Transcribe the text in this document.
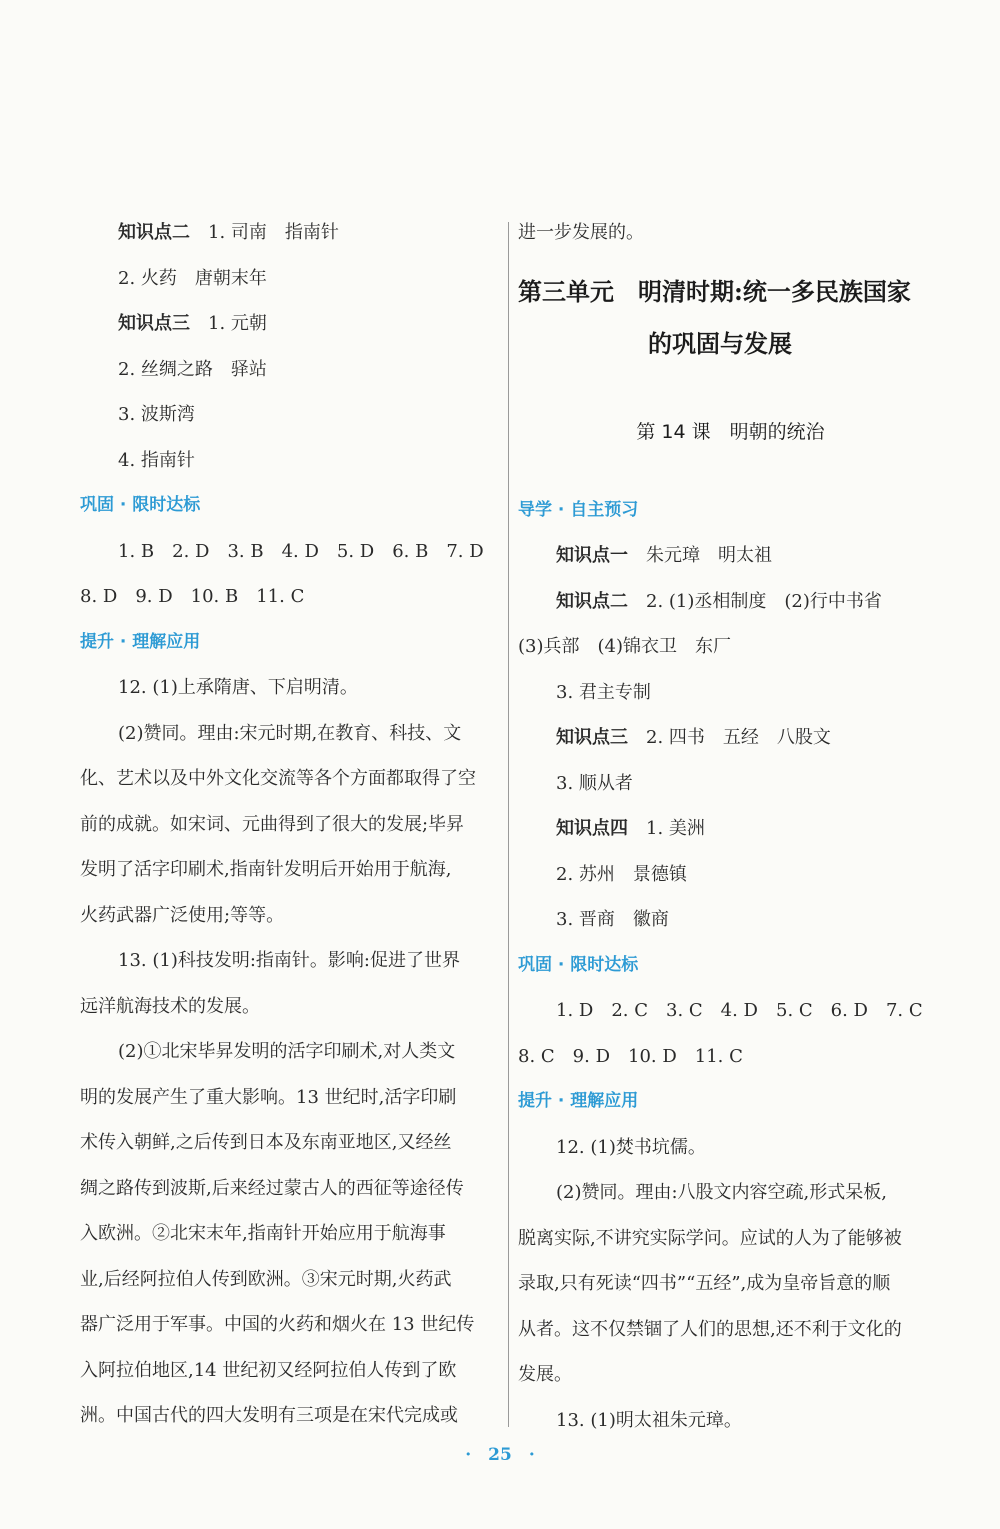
知识点二　 1. 司南　指南针
2. 火药　唐朝末年
知识点三　 1. 元朝
2. 丝绸之路　驿站
3. 波斯湾
4. 指南针
巩固 · 限时达标
1. B　2. D　3. B　4. D　5. D　6. B　7. D
8. D　9. D　10. B　11. C
提升 · 理解应用
12. (1)上承隋唐、下启明清。
(2)赞同。理由:宋元时期,在教育、科技、文
化、艺术以及中外文化交流等各个方面都取得了空
前的成就。如宋词、元曲得到了很大的发展;毕昇
发明了活字印刷术,指南针发明后开始用于航海,
火药武器广泛使用;等等。
13. (1)科技发明:指南针。影响:促进了世界
远洋航海技术的发展。
(2)①北宋毕昇发明的活字印刷术,对人类文
明的发展产生了重大影响。13 世纪时,活字印刷
术传入朝鲜,之后传到日本及东南亚地区,又经丝
绸之路传到波斯,后来经过蒙古人的西征等途径传
入欧洲。②北宋末年,指南针开始应用于航海事
业,后经阿拉伯人传到欧洲。③宋元时期,火药武
器广泛用于军事。中国的火药和烟火在 13 世纪传
入阿拉伯地区,14 世纪初又经阿拉伯人传到了欧
洲。中国古代的四大发明有三项是在宋代完成或
进一步发展的。
第三单元　明清时期:统一多民族国家
的巩固与发展
第 14 课　明朝的统治
导学 · 自主预习
知识点一　 朱元璋　明太祖
知识点二　 2. (1)丞相制度　(2)行中书省
(3)兵部　(4)锦衣卫　东厂
3. 君主专制
知识点三　 2. 四书　五经　八股文
3. 顺从者
知识点四　 1. 美洲
2. 苏州　景德镇
3. 晋商　徽商
巩固 · 限时达标
1. D　2. C　3. C　4. D　5. C　6. D　7. C
8. C　9. D　10. D　11. C
提升 · 理解应用
12. (1)焚书坑儒。
(2)赞同。理由:八股文内容空疏,形式呆板,
脱离实际,不讲究实际学问。应试的人为了能够被
录取,只有死读“四书”“五经”,成为皇帝旨意的顺
从者。这不仅禁锢了人们的思想,还不利于文化的
发展。
13. (1)明太祖朱元璋。
·　25　·
